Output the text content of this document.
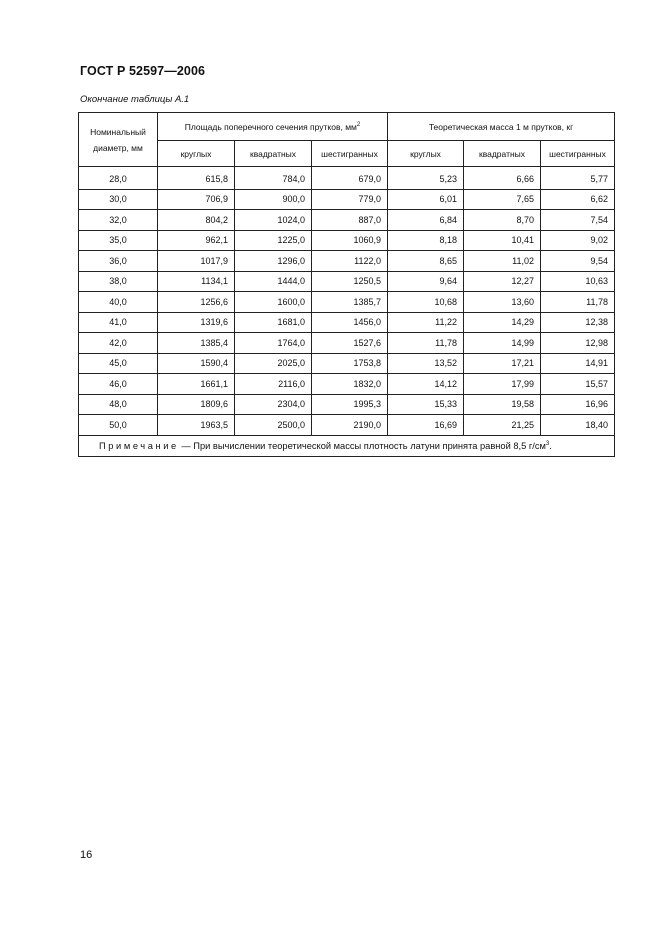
ГОСТ Р 52597—2006
Окончание таблицы А.1
Номинальный диаметр, мм	Площадь поперечного сечения прутков, $мм^2$			Теоретическая масса 1 м прутков, кг		
	круглых	квадратных	шестигранных	круглых	квадратных	шестигранных
28,0	615,8	784,0	679,0	5,23	6,66	5,77
30,0	706,9	900,0	779,0	6,01	7,65	6,62
32,0	804,2	1024,0	887,0	6,84	8,70	7,54
35,0	962,1	1225,0	1060,9	8,18	10,41	9,02
36,0	1017,9	1296,0	1122,0	8,65	11,02	9,54
38,0	1134,1	1444,0	1250,5	9,64	12,27	10,63
40,0	1256,6	1600,0	1385,7	10,68	13,60	11,78
41,0	1319,6	1681,0	1456,0	11,22	14,29	12,38
42,0	1385,4	1764,0	1527,6	11,78	14,99	12,98
45,0	1590,4	2025,0	1753,8	13,52	17,21	14,91
46,0	1661,1	2116,0	1832,0	14,12	17,99	15,57
48,0	1809,6	2304,0	1995,3	15,33	19,58	16,96
50,0	1963,5	2500,0	2190,0	16,69	21,25	18,40
Примечание — При вычислении теоретической массы плотность латуни принята равной 8,5 $г/см^3$.						
16
